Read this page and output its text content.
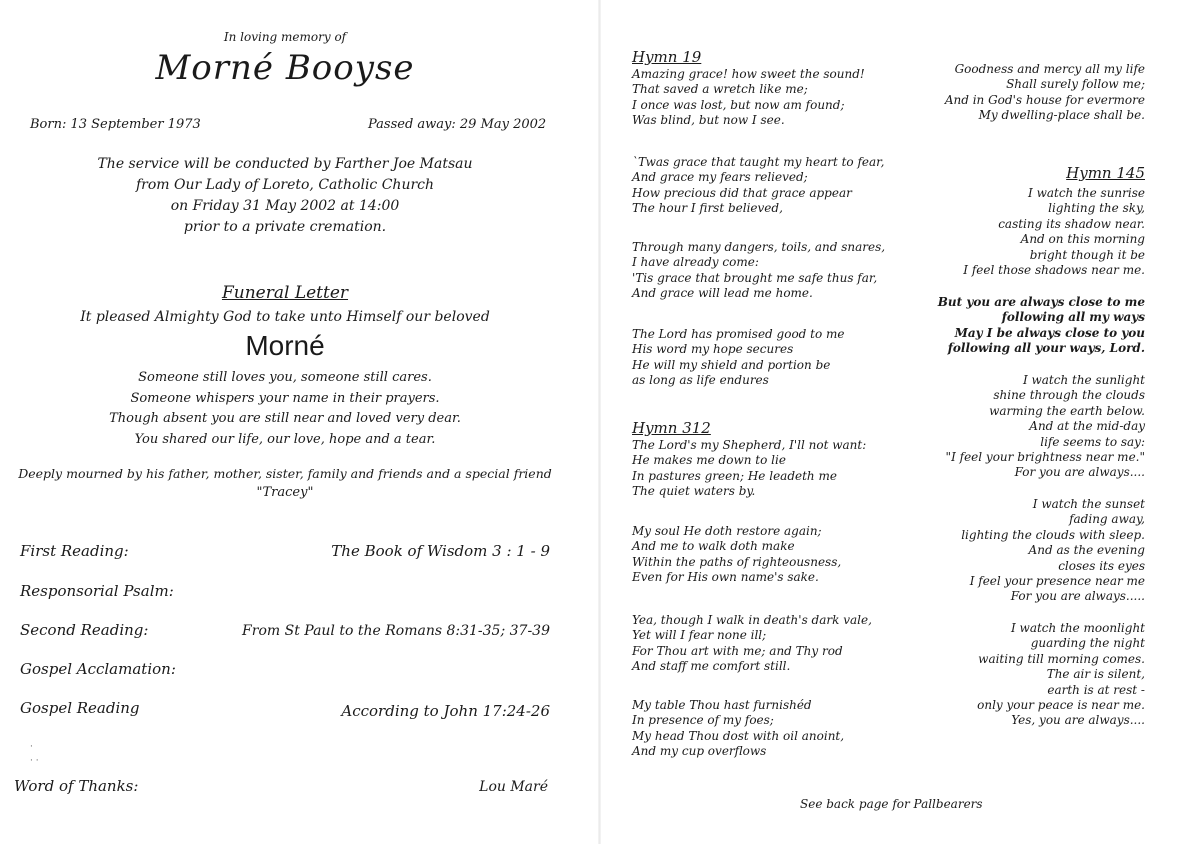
In loving memory of
Morné Booyse
Born: 13 September 1973	Passed away: 29 May 2002
The service will be conducted by Farther Joe Matsau
from Our Lady of Loreto, Catholic Church
on Friday 31 May 2002 at 14:00
prior to a private cremation.
Funeral Letter
It pleased Almighty God to take unto Himself our beloved
Morné
Someone still loves you, someone still cares.
Someone whispers your name in their prayers.
Though absent you are still near and loved very dear.
You shared our life, our love, hope and a tear.
Deeply mourned by his father, mother, sister, family and friends and a special friend
"Tracey"
First Reading:	The Book of Wisdom 3 : 1 - 9
Responsorial Psalm:
Second Reading:	From St Paul to the Romans 8:31-35; 37-39
Gospel Acclamation:
Gospel Reading	According to John 17:24-26
·
· ·
Word of Thanks:	Lou Maré
Hymn 19
Amazing grace! how sweet the sound!
That saved a wretch like me;
I once was lost, but now am found;
Was blind, but now I see.
`Twas grace that taught my heart to fear,
And grace my fears relieved;
How precious did that grace appear
The hour I first believed,
Through many dangers, toils, and snares,
I have already come:
'Tis grace that brought me safe thus far,
And grace will lead me home.
The Lord has promised good to me
His word my hope secures
He will my shield and portion be
as long as life endures
Hymn 312
The Lord's my Shepherd, I'll not want:
He makes me down to lie
In pastures green; He leadeth me
The quiet waters by.
My soul He doth restore again;
And me to walk doth make
Within the paths of righteousness,
Even for His own name's sake.
Yea, though I walk in death's dark vale,
Yet will I fear none ill;
For Thou art with me; and Thy rod
And staff me comfort still.
My table Thou hast furnishéd
In presence of my foes;
My head Thou dost with oil anoint,
And my cup overflows
Goodness and mercy all my life
Shall surely follow me;
And in God's house for evermore
My dwelling-place shall be.
Hymn 145
I watch the sunrise
lighting the sky,
casting its shadow near.
And on this morning
bright though it be
I feel those shadows near me.
But you are always close to me
following all my ways
May I be always close to you
following all your ways, Lord.
I watch the sunlight
shine through the clouds
warming the earth below.
And at the mid-day
life seems to say:
"I feel your brightness near me."
For you are always....
I watch the sunset
fading away,
lighting the clouds with sleep.
And as the evening
closes its eyes
I feel your presence near me
For you are always.....
I watch the moonlight
guarding the night
waiting till morning comes.
The air is silent,
earth is at rest -
only your peace is near me.
Yes, you are always....
See back page for Pallbearers
